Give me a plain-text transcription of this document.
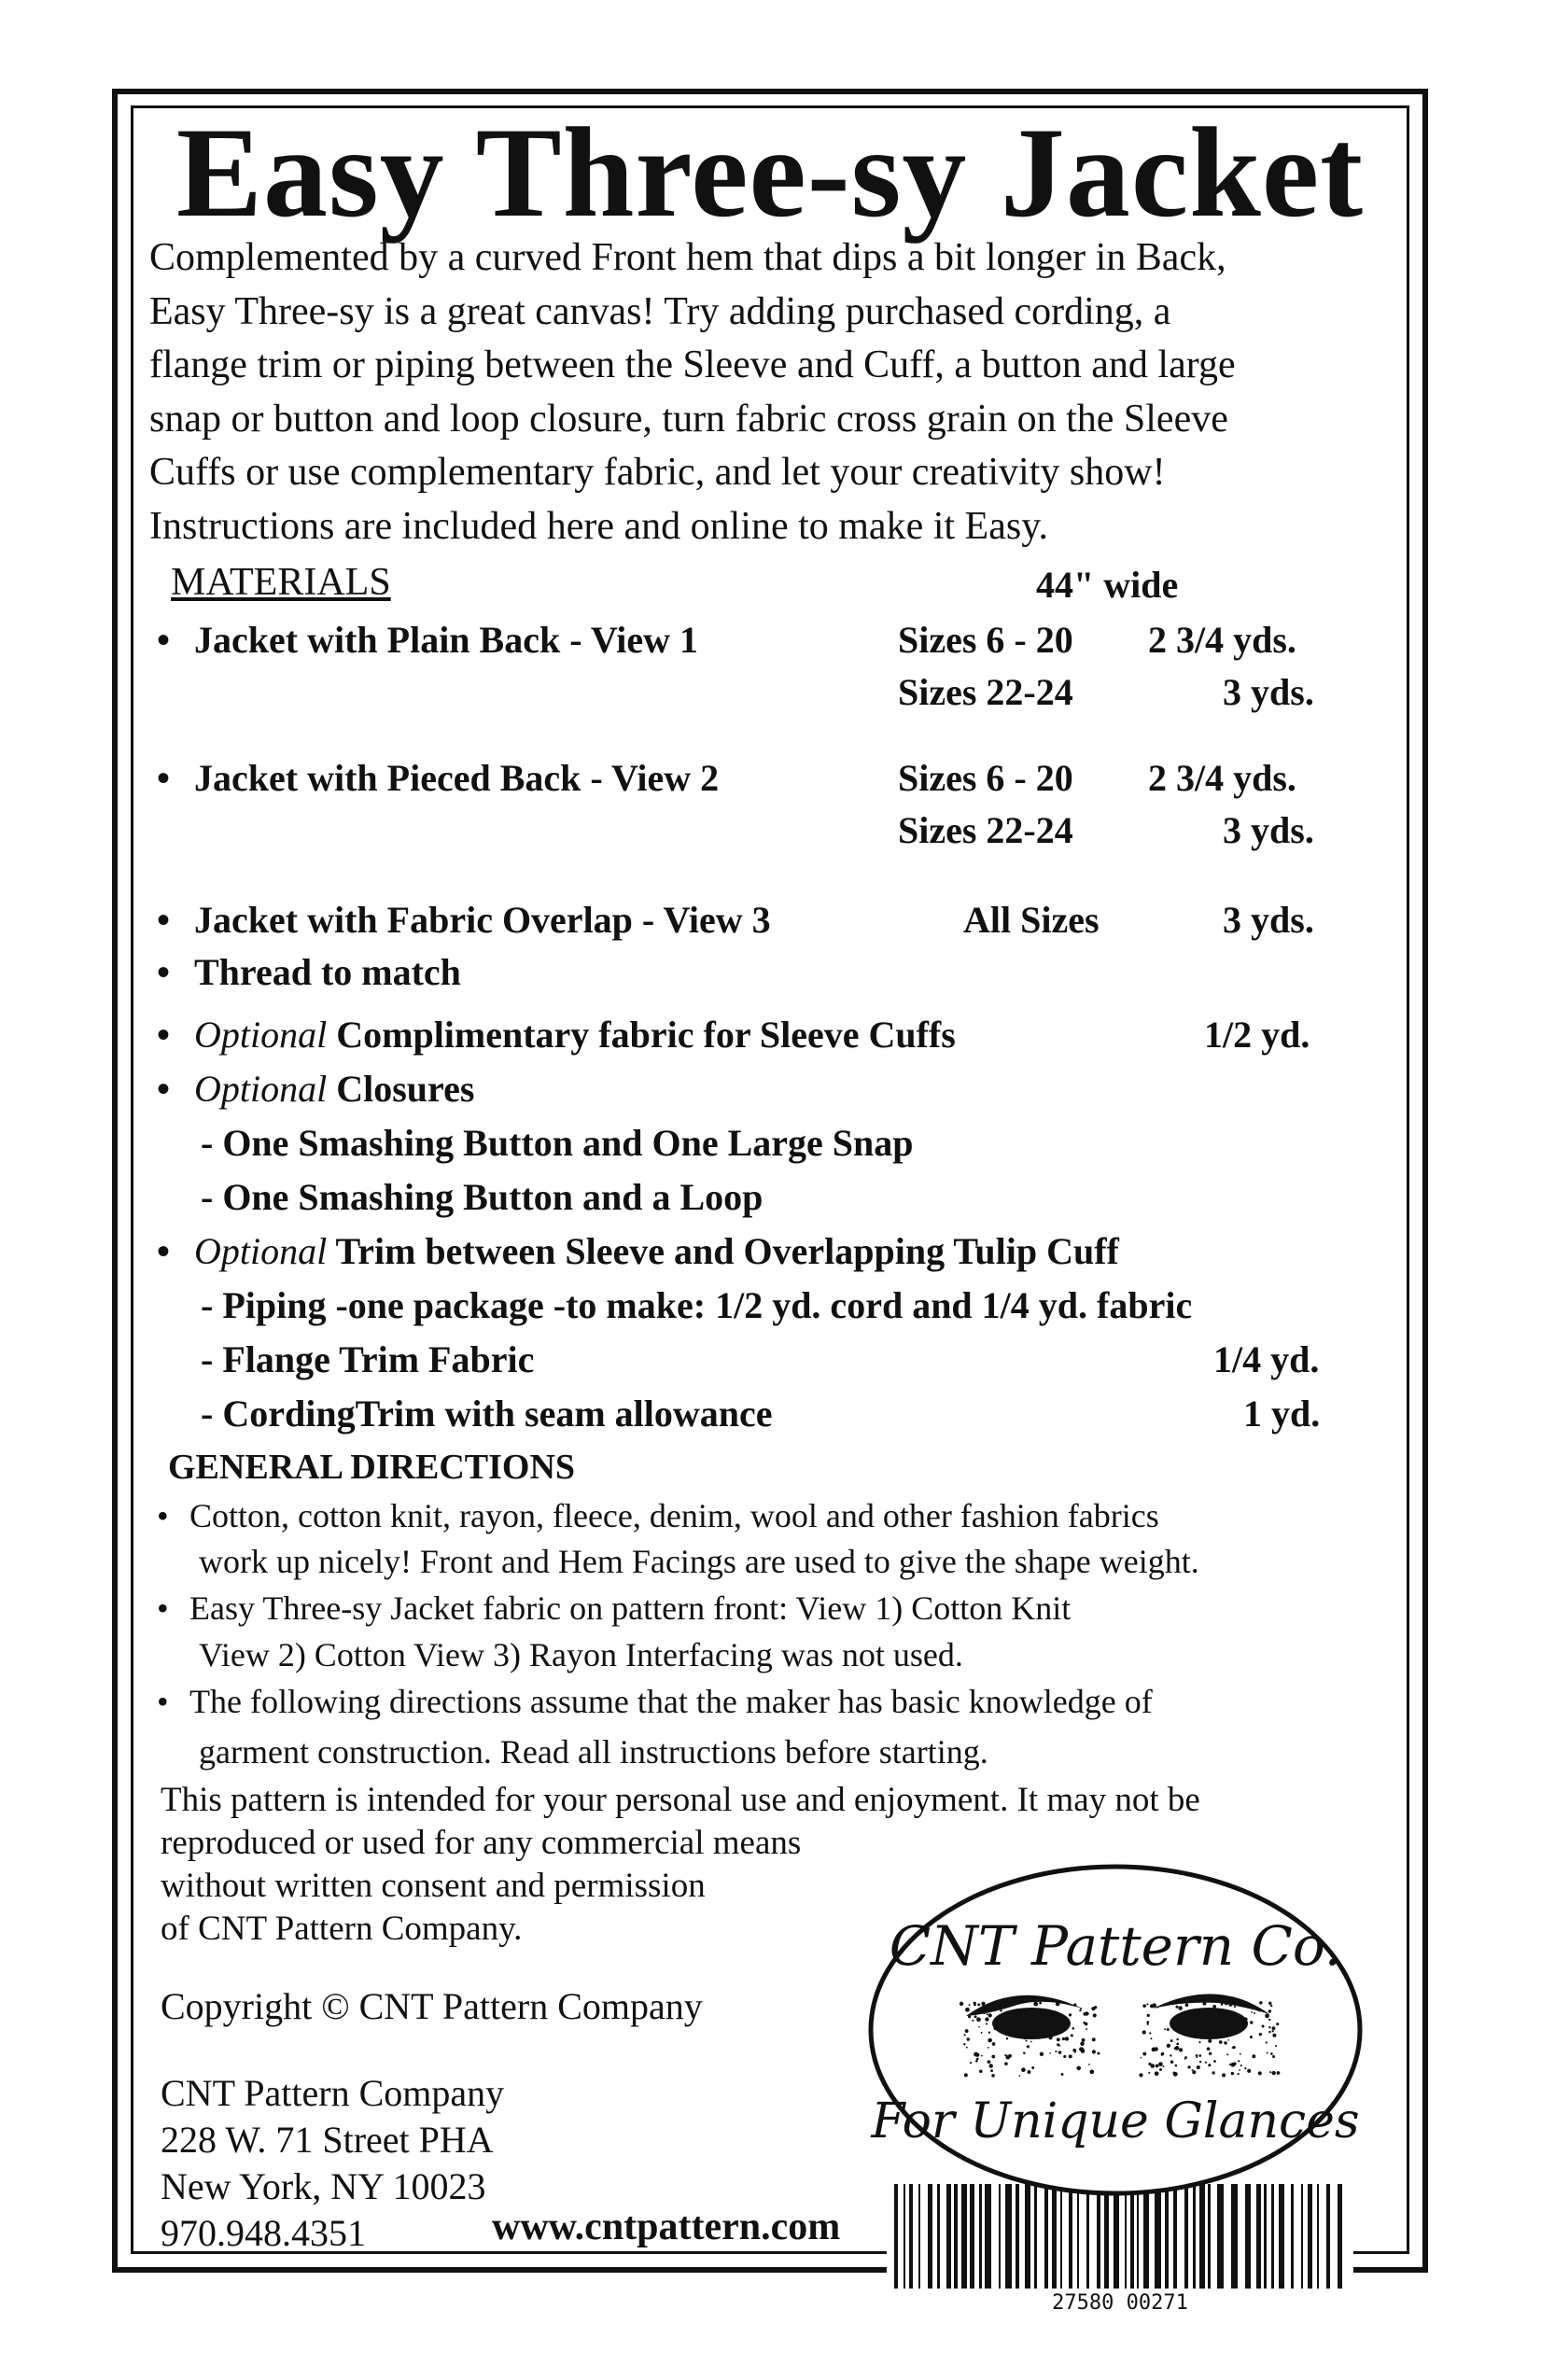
Easy Three-sy Jacket
Complemented by a curved Front hem that dips a bit longer in Back,
Easy Three-sy is a great canvas! Try adding purchased cording, a
flange trim or piping between the Sleeve and Cuff, a button and large
snap or button and loop closure, turn fabric cross grain on the Sleeve
Cuffs or use complementary fabric, and let your creativity show!
Instructions are included here and online to make it Easy.
MATERIALS	44" wide
• Jacket with Plain Back - View 1	Sizes 6 - 20 2 3/4 yds.
Sizes 22-24	3 yds.
• Jacket with Pieced Back - View 2	Sizes 6 - 20 2 3/4 yds.
Sizes 22-24	3 yds.
• Jacket with Fabric Overlap - View 3	All Sizes	3 yds.
• Thread to match
• Optional Complimentary fabric for Sleeve Cuffs	1/2 yd.
• Optional Closures
- One Smashing Button and One Large Snap
- One Smashing Button and a Loop
• Optional Trim between Sleeve and Overlapping Tulip Cuff
- Piping -one package -to make: 1/2 yd. cord and 1/4 yd. fabric
- Flange Trim Fabric	1/4 yd.
- CordingTrim with seam allowance	1 yd.
GENERAL DIRECTIONS
• Cotton, cotton knit, rayon, fleece, denim, wool and other fashion fabrics
work up nicely! Front and Hem Facings are used to give the shape weight.
• Easy Three-sy Jacket fabric on pattern front: View 1) Cotton Knit
View 2) Cotton View 3) Rayon Interfacing was not used.
• The following directions assume that the maker has basic knowledge of
garment construction. Read all instructions before starting.
This pattern is intended for your personal use and enjoyment. It may not be
reproduced or used for any commercial means
without written consent and permission
of CNT Pattern Company.
Copyright © CNT Pattern Company
CNT Pattern Company
228 W. 71 Street PHA
New York, NY 10023
970.948.4351	www.cntpattern.com
27580 00271
CNT Pattern Co.
For Unique Glances
